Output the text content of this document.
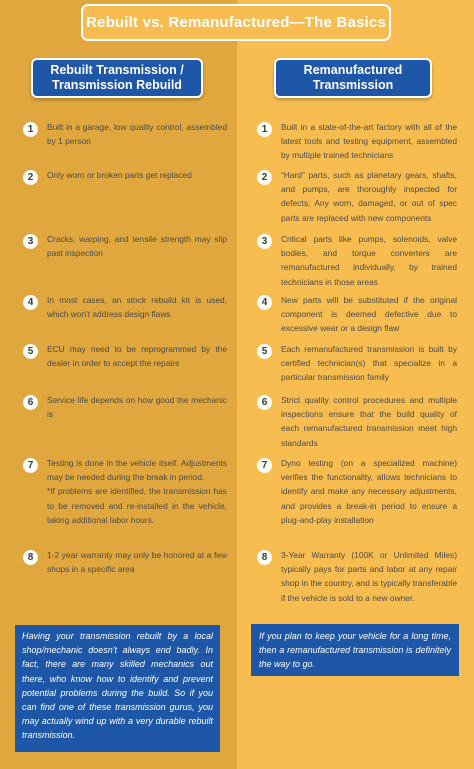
Rebuilt vs. Remanufactured—The Basics
Rebuilt Transmission /
Transmission Rebuild
Remanufactured
Transmission
1	Built in a garage, low quality control, assembled by 1 person
2	Only worn or broken parts get replaced
3	Cracks, warping, and tensile strength may slip past inspection
4	In most cases, an stock rebuild kit is used, which won't address design flaws
5	ECU may need to be reprogrammed by the dealer in order to accept the repairs
6	Service life depends on how good the mechanic is
7	Testing is done in the vehicle itself. Adjustments may be needed during the break in period.
*If problems are identified, the transmission has to be removed and re-installed in the vehicle, taking additional labor hours.
8	1-2 year warranty may only be honored at a few shops in a specific area
1	Built in a state-of-the-art factory with all of the latest tools and testing equipment, assembled by multiple trained technicians
2	“Hard” parts, such as planetary gears, shafts, and pumps, are thoroughly inspected for defects; Any worn, damaged, or out of spec parts are replaced with new components
3	Critical parts like pumps, solenoids, valve bodies, and torque converters are remanufactured individually, by trained technicians in those areas
4	New parts will be substituted if the original component is deemed defective due to excessive wear or a design flaw
5	Each remanufactured transmission is built by certified technician(s) that specialize in a particular transmission family
6	Strict quality control procedures and multiple inspections ensure that the build quality of each remanufactured transmission meet high standards
7	Dyno testing (on a specialized machine) verifies the functionality, allows technicians to identify and make any necessary adjustments, and provides a break-in period to ensure a plug-and-play installation
8	3-Year Warranty (100K or Unlimited Miles) typically pays for parts and labor at any repair shop in the country, and is typically transferable if the vehicle is sold to a new owner.
Having your transmission rebuilt by a local shop/mechanic doesn't always end badly. In fact, there are many skilled mechanics out there, who know how to identify and prevent potential problems during the build. So if you can find one of these transmission gurus, you may actually wind up with a very durable rebuilt transmission.
If you plan to keep your vehicle for a long time, then a remanufactured transmission is definitely the way to go.
